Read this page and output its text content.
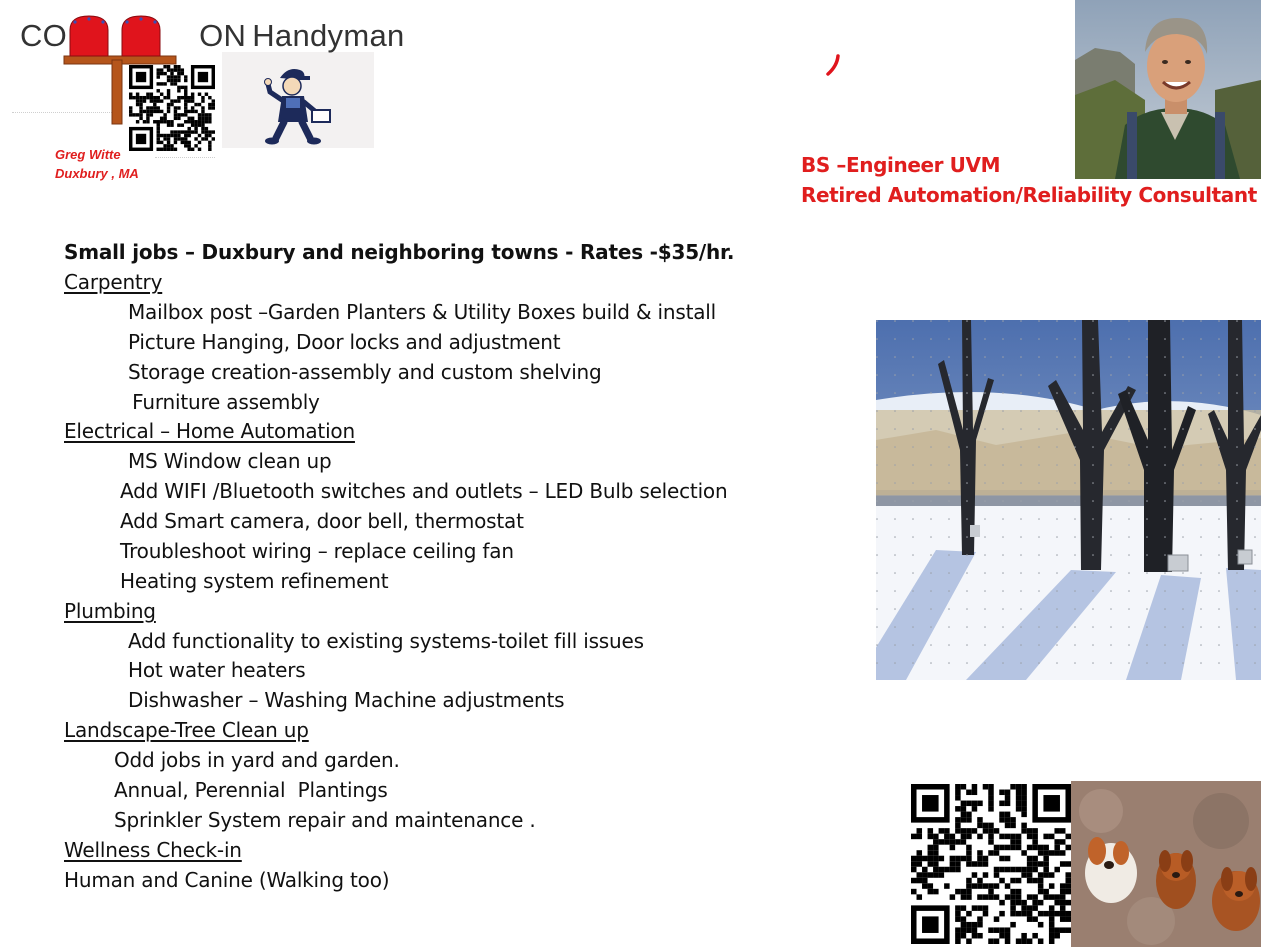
CO	ON Handyman
Greg Witte
Duxbury , MA	BS –Engineer UVM
Retired Automation/Reliability Consultant
Small jobs – Duxbury and neighboring towns - Rates -$35/hr.
Carpentry
Mailbox post –Garden Planters & Utility Boxes build & install
Picture Hanging, Door locks and adjustment
Storage creation-assembly and custom shelving
Furniture assembly
Electrical – Home Automation
MS Window clean up
Add WIFI /Bluetooth switches and outlets – LED Bulb selection
Add Smart camera, door bell, thermostat
Troubleshoot wiring – replace ceiling fan
Heating system refinement
Plumbing
Add functionality to existing systems-toilet fill issues
Hot water heaters
Dishwasher – Washing Machine adjustments
Landscape-Tree Clean up
Odd jobs in yard and garden.
Annual, Perennial  Plantings
Sprinkler System repair and maintenance .
Wellness Check-in
Human and Canine (Walking too)
